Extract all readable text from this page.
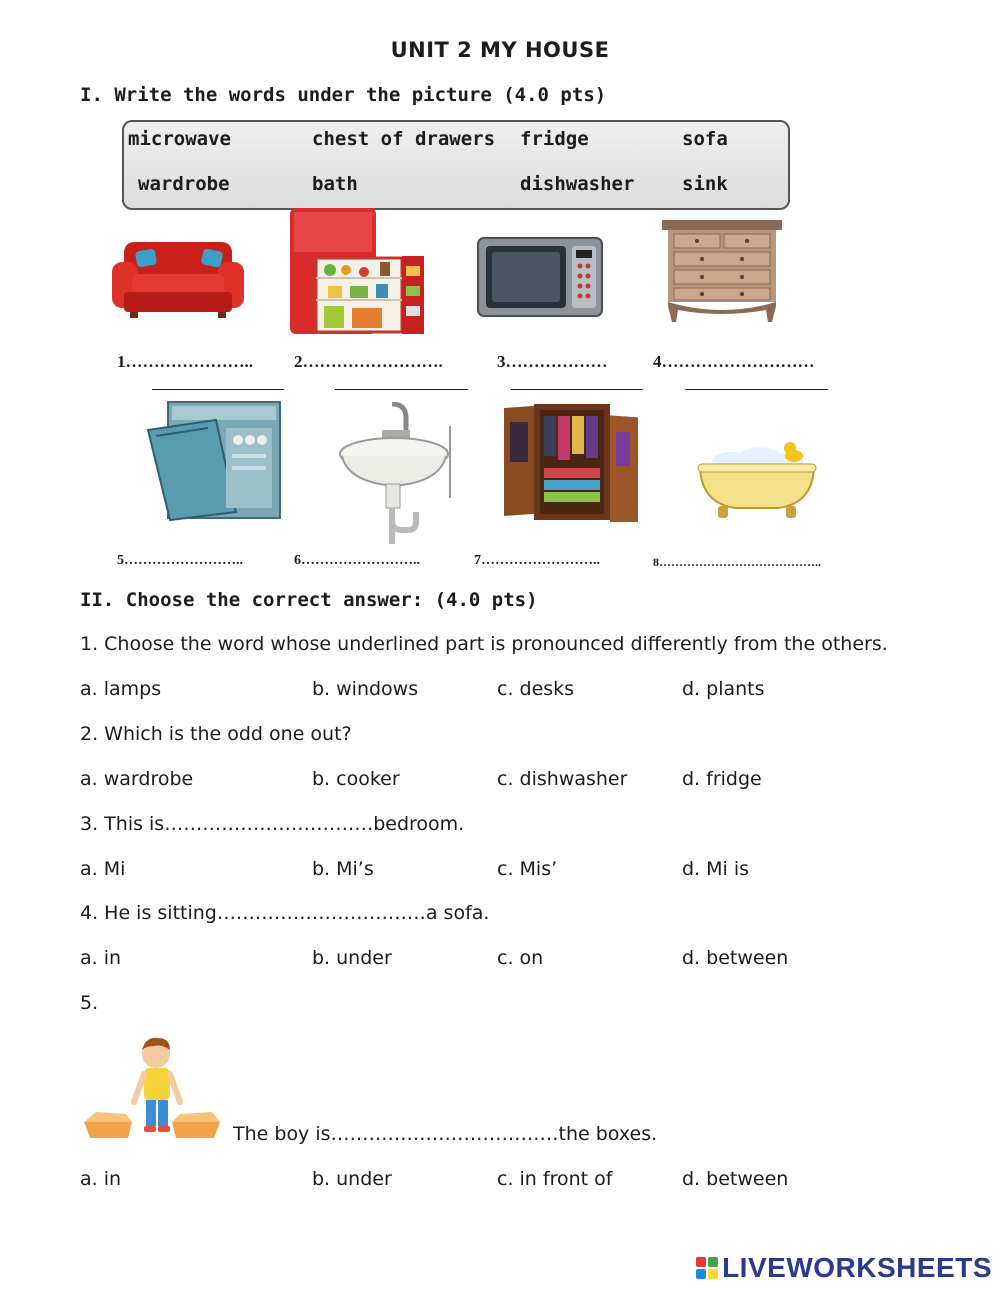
UNIT 2 MY HOUSE
I. Write the words under the picture (4.0 pts)
microwave	chest of drawers fridge	sofa
wardrobe	bath	dishwasher	sink
1………………….. 2…………………….	3………………	4………………………
5……………………..	6……………………..	7……………………..	8…………………………………..
II. Choose the correct answer: (4.0 pts)
1. Choose the word whose underlined part is pronounced differently from the others.
a. lamps	b. windows	c. desks	d. plants
2. Which is the odd one out?
a. wardrobe	b. cooker	c. dishwasher	d. fridge
3. This is……………………………bedroom.
a. Mi	b. Mi’s	c. Mis’	d. Mi is
4. He is sitting……………………………a sofa.
a. in	b. under	c. on	d. between
5.
The boy is………………………………the boxes.
a. in	b. under	c. in front of	d. between
LIVEWORKSHEETS
